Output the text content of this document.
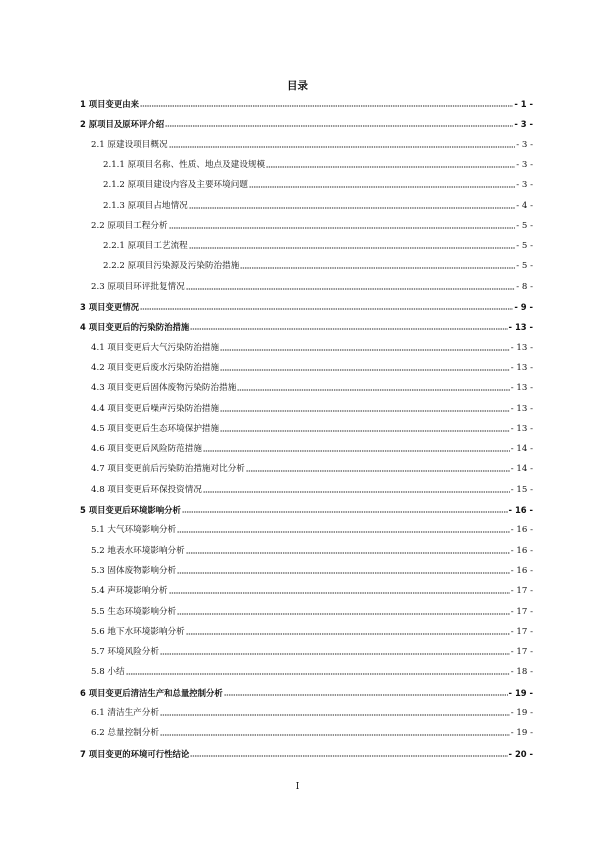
目录
1 项目变更由来	- 1 -
2 原项目及原环评介绍	- 3 -
2.1 原建设项目概况	- 3 -
2.1.1 原项目名称、性质、地点及建设规模	- 3 -
2.1.2 原项目建设内容及主要环境问题	- 3 -
2.1.3 原项目占地情况	- 4 -
2.2 原项目工程分析	- 5 -
2.2.1 原项目工艺流程	- 5 -
2.2.2 原项目污染源及污染防治措施	- 5 -
2.3 原项目环评批复情况	- 8 -
3 项目变更情况	- 9 -
4 项目变更后的污染防治措施	- 13 -
4.1 项目变更后大气污染防治措施	- 13 -
4.2 项目变更后废水污染防治措施	- 13 -
4.3 项目变更后固体废物污染防治措施	- 13 -
4.4 项目变更后噪声污染防治措施	- 13 -
4.5 项目变更后生态环境保护措施	- 13 -
4.6 项目变更后风险防范措施	- 14 -
4.7 项目变更前后污染防治措施对比分析	- 14 -
4.8 项目变更后环保投资情况	- 15 -
5 项目变更后环境影响分析	- 16 -
5.1 大气环境影响分析	- 16 -
5.2 地表水环境影响分析	- 16 -
5.3 固体废物影响分析	- 16 -
5.4 声环境影响分析	- 17 -
5.5 生态环境影响分析	- 17 -
5.6 地下水环境影响分析	- 17 -
5.7 环境风险分析	- 17 -
5.8 小结	- 18 -
6 项目变更后清洁生产和总量控制分析	- 19 -
6.1 清洁生产分析	- 19 -
6.2 总量控制分析	- 19 -
7 项目变更的环境可行性结论	- 20 -
I
